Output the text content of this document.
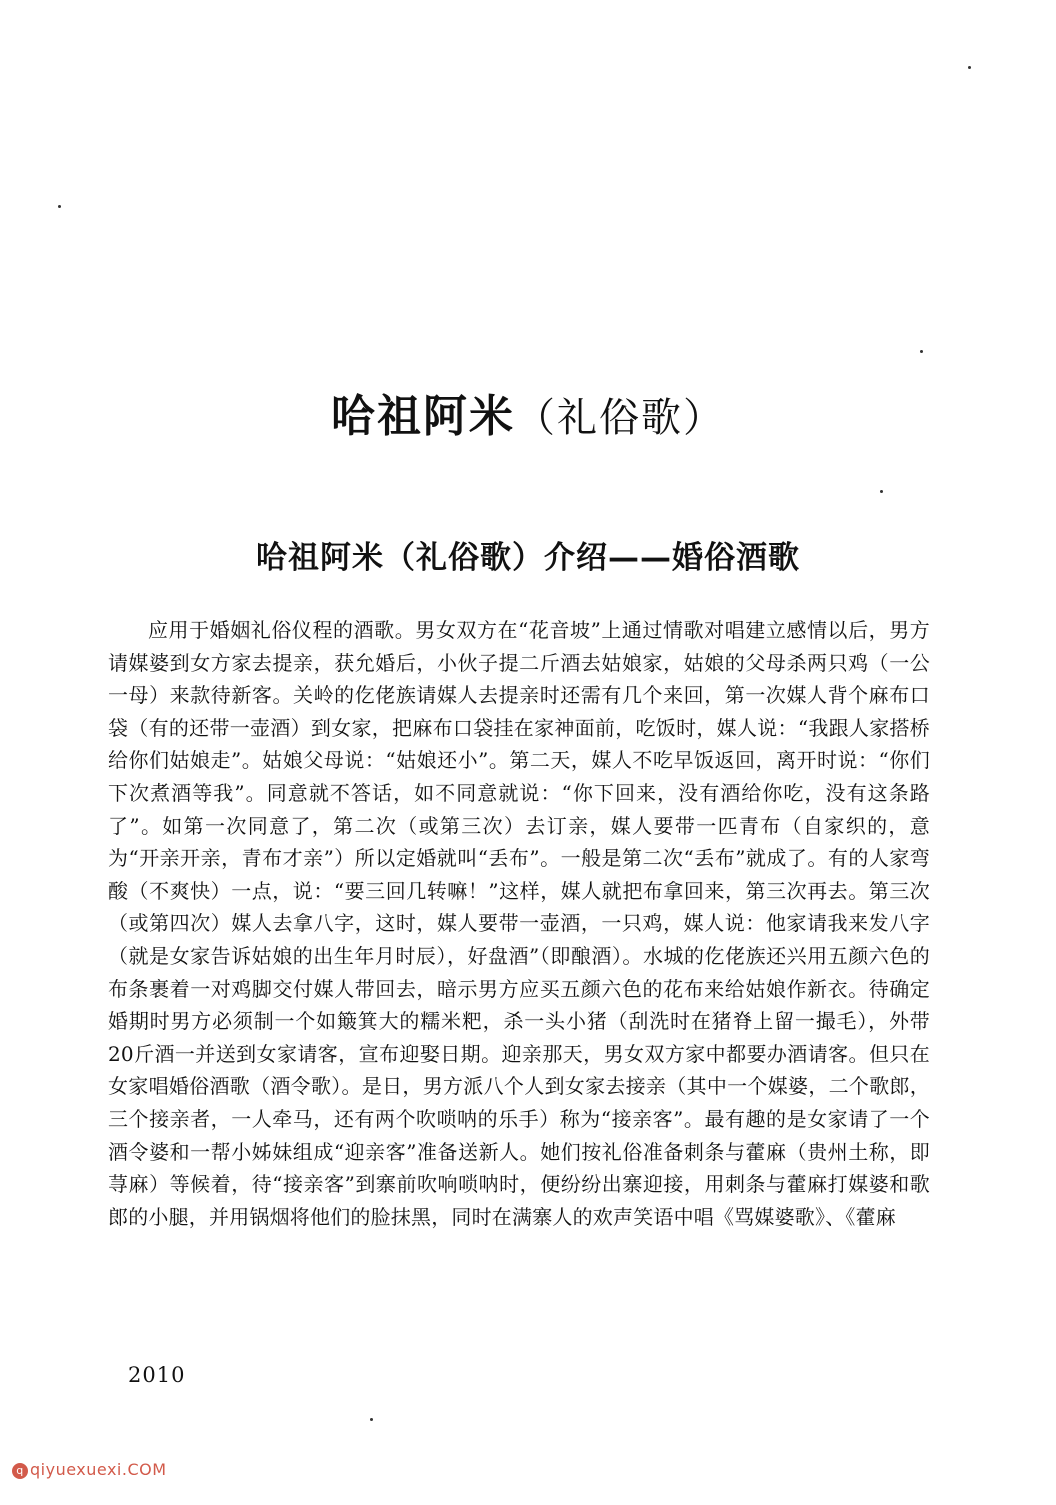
哈祖阿米（礼俗歌）
哈祖阿米（礼俗歌）介绍——婚俗酒歌
应用于婚姻礼俗仪程的酒歌。男女双方在“花音坡”上通过情歌对唱建立感情以后，男方请媒婆到女方家去提亲，获允婚后，小伙子提二斤酒去姑娘家，姑娘的父母杀两只鸡（一公一母）来款待新客。关岭的仡佬族请媒人去提亲时还需有几个来回，第一次媒人背个麻布口袋（有的还带一壶酒）到女家，把麻布口袋挂在家神面前，吃饭时，媒人说：“我跟人家搭桥给你们姑娘走”。姑娘父母说：“姑娘还小”。第二天，媒人不吃早饭返回，离开时说：“你们下次煮酒等我”。同意就不答话，如不同意就说：“你下回来，没有酒给你吃，没有这条路了”。如第一次同意了，第二次（或第三次）去订亲，媒人要带一匹青布（自家织的，意为“开亲开亲，青布才亲”）所以定婚就叫“丢布”。一般是第二次“丢布”就成了。有的人家弯酸（不爽快）一点，说：“要三回几转嘛！”这样，媒人就把布拿回来，第三次再去。第三次（或第四次）媒人去拿八字，这时，媒人要带一壶酒，一只鸡，媒人说：他家请我来发八字（就是女家告诉姑娘的出生年月时辰），好盘酒”（即酿酒）。水城的仡佬族还兴用五颜六色的布条裹着一对鸡脚交付媒人带回去，暗示男方应买五颜六色的花布来给姑娘作新衣。待确定婚期时男方必须制一个如簸箕大的糯米粑，杀一头小猪（刮洗时在猪脊上留一撮毛），外带20斤酒一并送到女家请客，宣布迎娶日期。迎亲那天，男女双方家中都要办酒请客。但只在女家唱婚俗酒歌（酒令歌）。是日，男方派八个人到女家去接亲（其中一个媒婆，二个歌郎，三个接亲者，一人牵马，还有两个吹唢呐的乐手）称为“接亲客”。最有趣的是女家请了一个酒令婆和一帮小姊妹组成“迎亲客”准备送新人。她们按礼俗准备刺条与藿麻（贵州土称，即荨麻）等候着，待“接亲客”到寨前吹响唢呐时，便纷纷出寨迎接，用刺条与藿麻打媒婆和歌郎的小腿，并用锅烟将他们的脸抹黑，同时在满寨人的欢声笑语中唱《骂媒婆歌》、《藿麻
2010
q qiyuexuexi.COM
